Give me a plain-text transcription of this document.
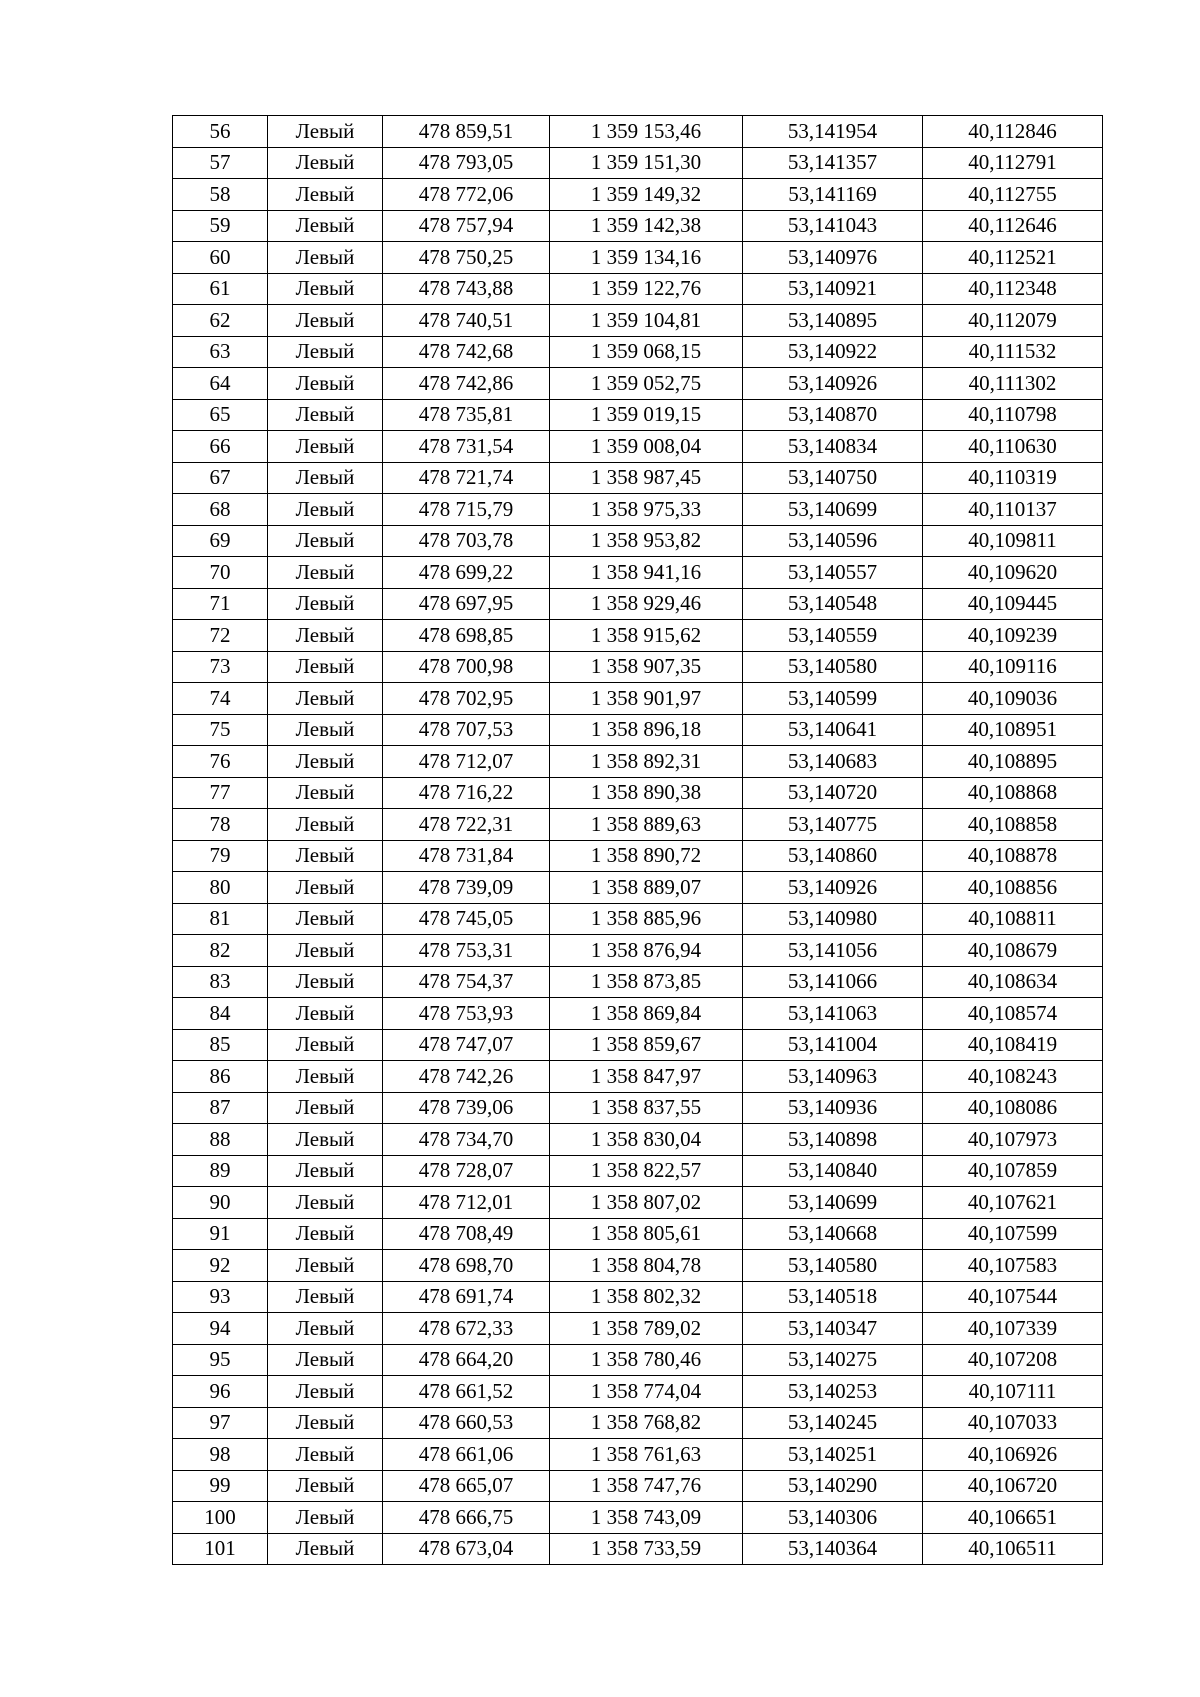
56	Левый	478 859,51	1 359 153,46	53,141954	40,112846
57	Левый	478 793,05	1 359 151,30	53,141357	40,112791
58	Левый	478 772,06	1 359 149,32	53,141169	40,112755
59	Левый	478 757,94	1 359 142,38	53,141043	40,112646
60	Левый	478 750,25	1 359 134,16	53,140976	40,112521
61	Левый	478 743,88	1 359 122,76	53,140921	40,112348
62	Левый	478 740,51	1 359 104,81	53,140895	40,112079
63	Левый	478 742,68	1 359 068,15	53,140922	40,111532
64	Левый	478 742,86	1 359 052,75	53,140926	40,111302
65	Левый	478 735,81	1 359 019,15	53,140870	40,110798
66	Левый	478 731,54	1 359 008,04	53,140834	40,110630
67	Левый	478 721,74	1 358 987,45	53,140750	40,110319
68	Левый	478 715,79	1 358 975,33	53,140699	40,110137
69	Левый	478 703,78	1 358 953,82	53,140596	40,109811
70	Левый	478 699,22	1 358 941,16	53,140557	40,109620
71	Левый	478 697,95	1 358 929,46	53,140548	40,109445
72	Левый	478 698,85	1 358 915,62	53,140559	40,109239
73	Левый	478 700,98	1 358 907,35	53,140580	40,109116
74	Левый	478 702,95	1 358 901,97	53,140599	40,109036
75	Левый	478 707,53	1 358 896,18	53,140641	40,108951
76	Левый	478 712,07	1 358 892,31	53,140683	40,108895
77	Левый	478 716,22	1 358 890,38	53,140720	40,108868
78	Левый	478 722,31	1 358 889,63	53,140775	40,108858
79	Левый	478 731,84	1 358 890,72	53,140860	40,108878
80	Левый	478 739,09	1 358 889,07	53,140926	40,108856
81	Левый	478 745,05	1 358 885,96	53,140980	40,108811
82	Левый	478 753,31	1 358 876,94	53,141056	40,108679
83	Левый	478 754,37	1 358 873,85	53,141066	40,108634
84	Левый	478 753,93	1 358 869,84	53,141063	40,108574
85	Левый	478 747,07	1 358 859,67	53,141004	40,108419
86	Левый	478 742,26	1 358 847,97	53,140963	40,108243
87	Левый	478 739,06	1 358 837,55	53,140936	40,108086
88	Левый	478 734,70	1 358 830,04	53,140898	40,107973
89	Левый	478 728,07	1 358 822,57	53,140840	40,107859
90	Левый	478 712,01	1 358 807,02	53,140699	40,107621
91	Левый	478 708,49	1 358 805,61	53,140668	40,107599
92	Левый	478 698,70	1 358 804,78	53,140580	40,107583
93	Левый	478 691,74	1 358 802,32	53,140518	40,107544
94	Левый	478 672,33	1 358 789,02	53,140347	40,107339
95	Левый	478 664,20	1 358 780,46	53,140275	40,107208
96	Левый	478 661,52	1 358 774,04	53,140253	40,107111
97	Левый	478 660,53	1 358 768,82	53,140245	40,107033
98	Левый	478 661,06	1 358 761,63	53,140251	40,106926
99	Левый	478 665,07	1 358 747,76	53,140290	40,106720
100	Левый	478 666,75	1 358 743,09	53,140306	40,106651
101	Левый	478 673,04	1 358 733,59	53,140364	40,106511
